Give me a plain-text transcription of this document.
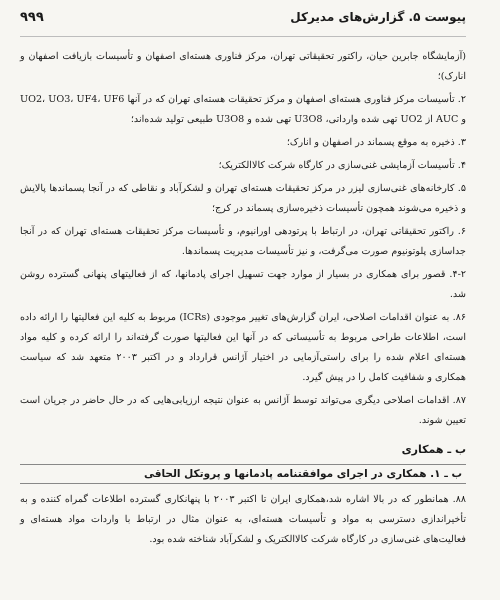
پیوست ۵. گزارش‌های مدیرکل
۹۹۹

(آزمایشگاه جابرین حیان، راکتور تحقیقاتی تهران، مرکز فناوری هسته‌ای اصفهان و تأسیسات بازیافت اصفهان و انارک)؛

۲. تأسیسات مرکز فناوری هسته‌ای اصفهان و مرکز تحقیقات هسته‌ای تهران که در آنها UO2، UO3، UF4، UF6 و AUC از UO2 تهی شده وارداتی، U3O8 تهی شده و U3O8 طبیعی تولید شده‌اند؛

۳. ذخیره به موقع پسماند در اصفهان و انارک؛

۴. تأسیسات آزمایشی غنی‌سازی در کارگاه شرکت کالاالکتریک؛

۵. کارخانه‌های غنی‌سازی لیزر در مرکز تحقیقات هسته‌ای تهران و لشکرآباد و نقاطی که در آنجا پسماندها پالایش و ذخیره می‌شوند همچون تأسیسات ذخیره‌سازی پسماند در کرج؛

۶. راکتور تحقیقاتی تهران، در ارتباط با پرتودهی اورانیوم، و تأسیسات مرکز تحقیقات هسته‌ای تهران که در آنجا جداسازی پلوتونیوم صورت می‌گرفت، و نیز تأسیسات مدیریت پسماندها.

۴-۲. قصور برای همکاری در بسیار از موارد جهت تسهیل اجرای پادمانها، که از فعالیتهای پنهانی گسترده روشن شد.

۸۶. به عنوان اقدامات اصلاحی، ایران گزارش‌های تغییر موجودی (ICRs) مربوط به کلیه این فعالیتها را ارائه داده است، اطلاعات طراحی مربوط به تأسیساتی که در آنها این فعالیتها صورت گرفته‌اند را ارائه کرده و کلیه مواد هسته‌ای اعلام شده را برای راستی‌آزمایی در اختیار آژانس قرارداد و در اکتبر ۲۰۰۳ متعهد شد که سیاست همکاری و شفافیت کامل را در پیش گیرد.

۸۷. اقدامات اصلاحی دیگری می‌تواند توسط آژانس به عنوان نتیجه ارزیابی‌هایی که در حال حاضر در جریان است تعیین شوند.

ب ـ همکاری
ب ـ ۱. همکاری در اجرای موافقتنامه پادمانها و پروتکل الحاقی

۸۸. همانطور که در بالا اشاره شد،همکاری ایران تا اکتبر ۲۰۰۳ با پنهانکاری گسترده اطلاعات گمراه کننده و به تأخیراندازی دسترسی به مواد و تأسیسات هسته‌ای، به عنوان مثال در ارتباط با واردات مواد هسته‌ای و فعالیت‌های غنی‌سازی در کارگاه شرکت کالاالکتریک و لشکرآباد شناخته شده بود.
